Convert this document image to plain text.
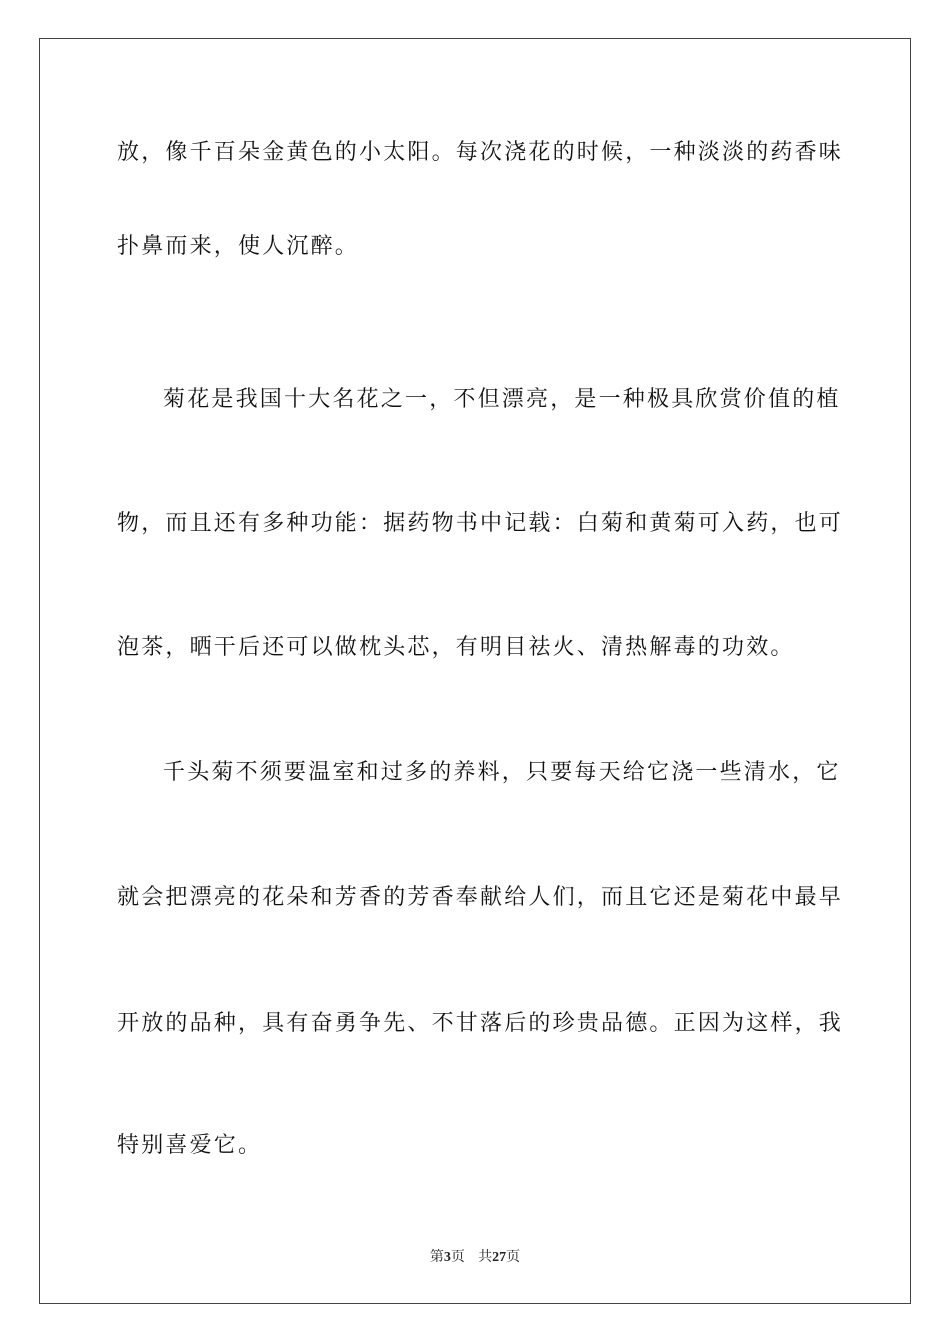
放，像千百朵金黄色的小太阳。每次浇花的时候，一种淡淡的药香味
扑鼻而来，使人沉醉。
菊花是我国十大名花之一，不但漂亮，是一种极具欣赏价值的植
物，而且还有多种功能：据药物书中记载：白菊和黄菊可入药，也可
泡茶，晒干后还可以做枕头芯，有明目祛火、清热解毒的功效。
千头菊不须要温室和过多的养料，只要每天给它浇一些清水，它
就会把漂亮的花朵和芳香的芳香奉献给人们，而且它还是菊花中最早
开放的品种，具有奋勇争先、不甘落后的珍贵品德。正因为这样，我
特别喜爱它。
第3页 共27页
